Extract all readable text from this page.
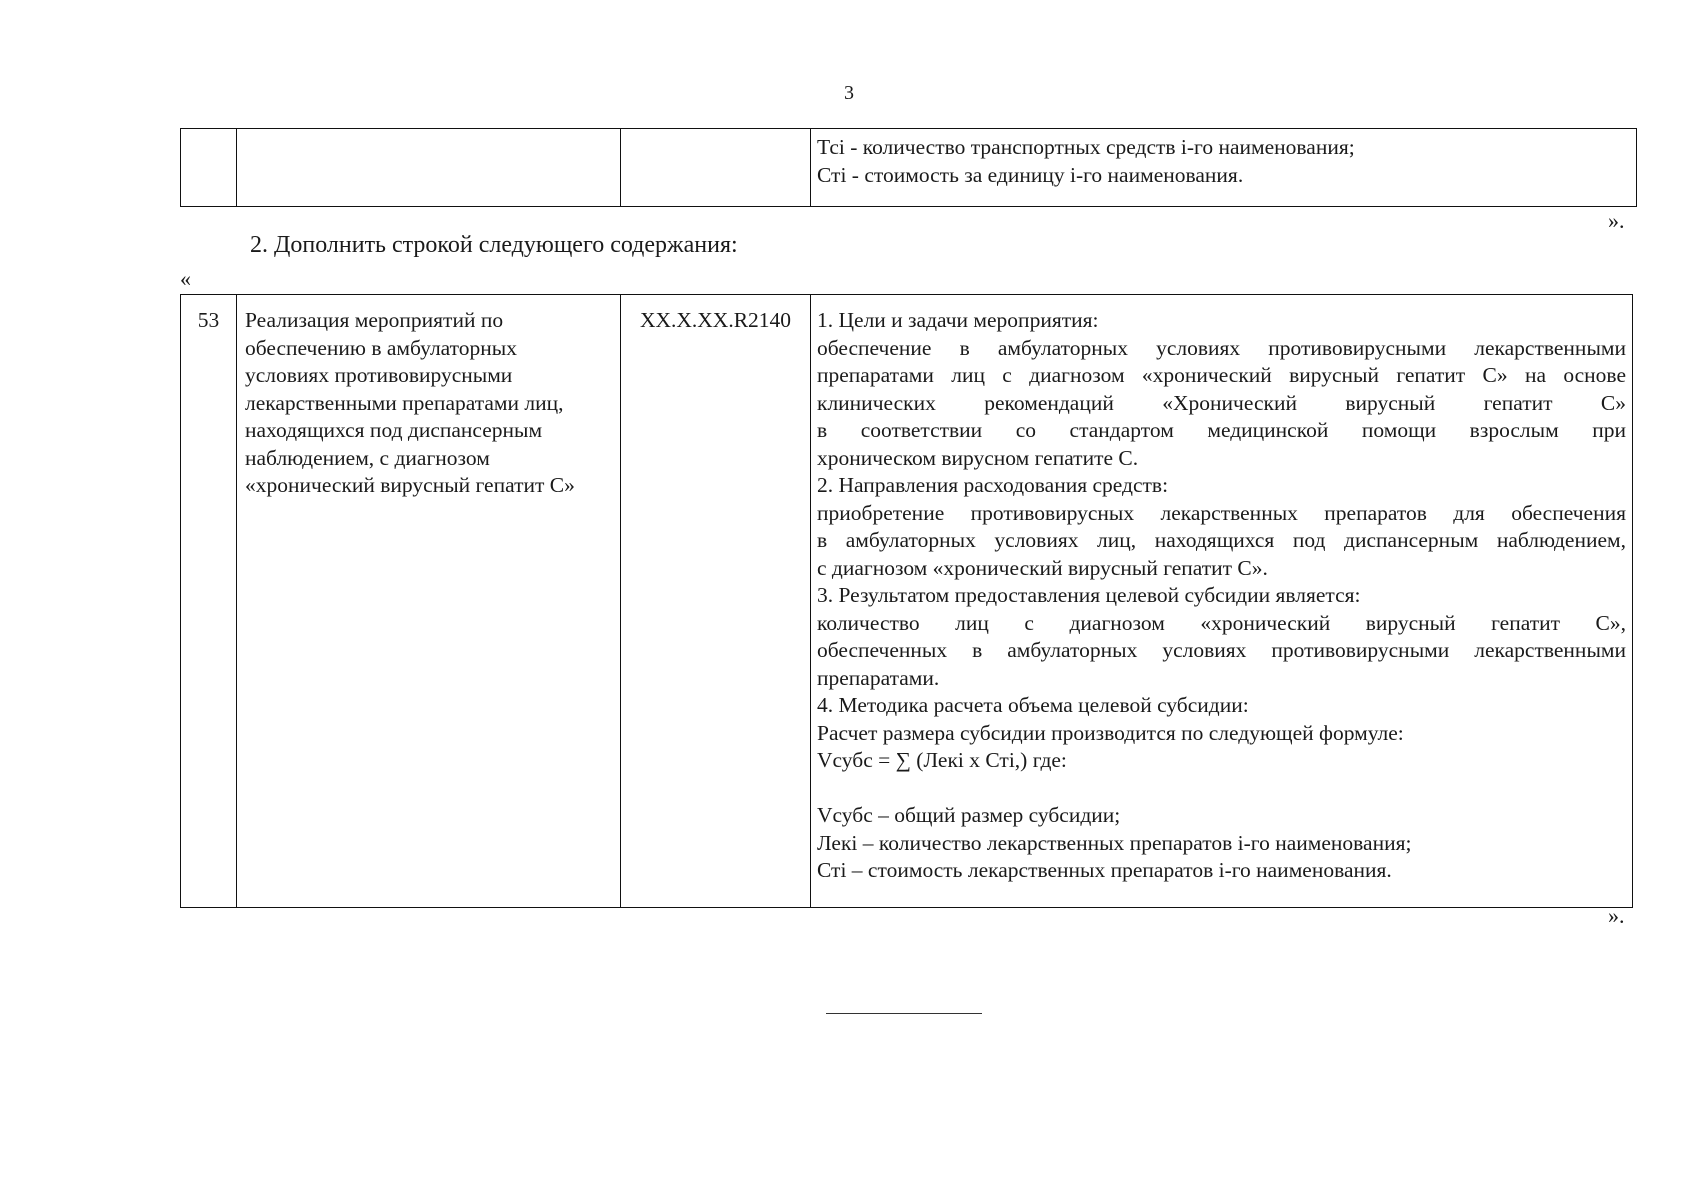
3

Тсі - количество транспортных средств і-го наименования;
Сті - стоимость за единицу і-го наименования.
».
2. Дополнить строкой следующего содержания:
«
53	Реализация мероприятий по
обеспечению в амбулаторных
условиях противовирусными
лекарственными препаратами лиц,
находящихся под диспансерным
наблюдением, с диагнозом
«хронический вирусный гепатит С»
	XX.X.XX.R2140	1. Цели и задачи мероприятия:
обеспечение в амбулаторных условиях противовирусными лекарственными
препаратами лиц с диагнозом «хронический вирусный гепатит С» на основе
клинических рекомендаций «Хронический вирусный гепатит С»
в соответствии со стандартом медицинской помощи взрослым при
хроническом вирусном гепатите С.
2. Направления расходования средств:
приобретение противовирусных лекарственных препаратов для обеспечения
в амбулаторных условиях лиц, находящихся под диспансерным наблюдением,
с диагнозом «хронический вирусный гепатит С».
3. Результатом предоставления целевой субсидии является:
количество лиц с диагнозом «хронический вирусный гепатит С»,
обеспеченных в амбулаторных условиях противовирусными лекарственными
препаратами.
4. Методика расчета объема целевой субсидии:
Расчет размера субсидии производится по следующей формуле:
Vсубс = ∑ (Лекі х Сті,) где:
Vсубс – общий размер субсидии;
Лекі – количество лекарственных препаратов і-го наименования;
Сті – стоимость лекарственных препаратов і-го наименования.
».
